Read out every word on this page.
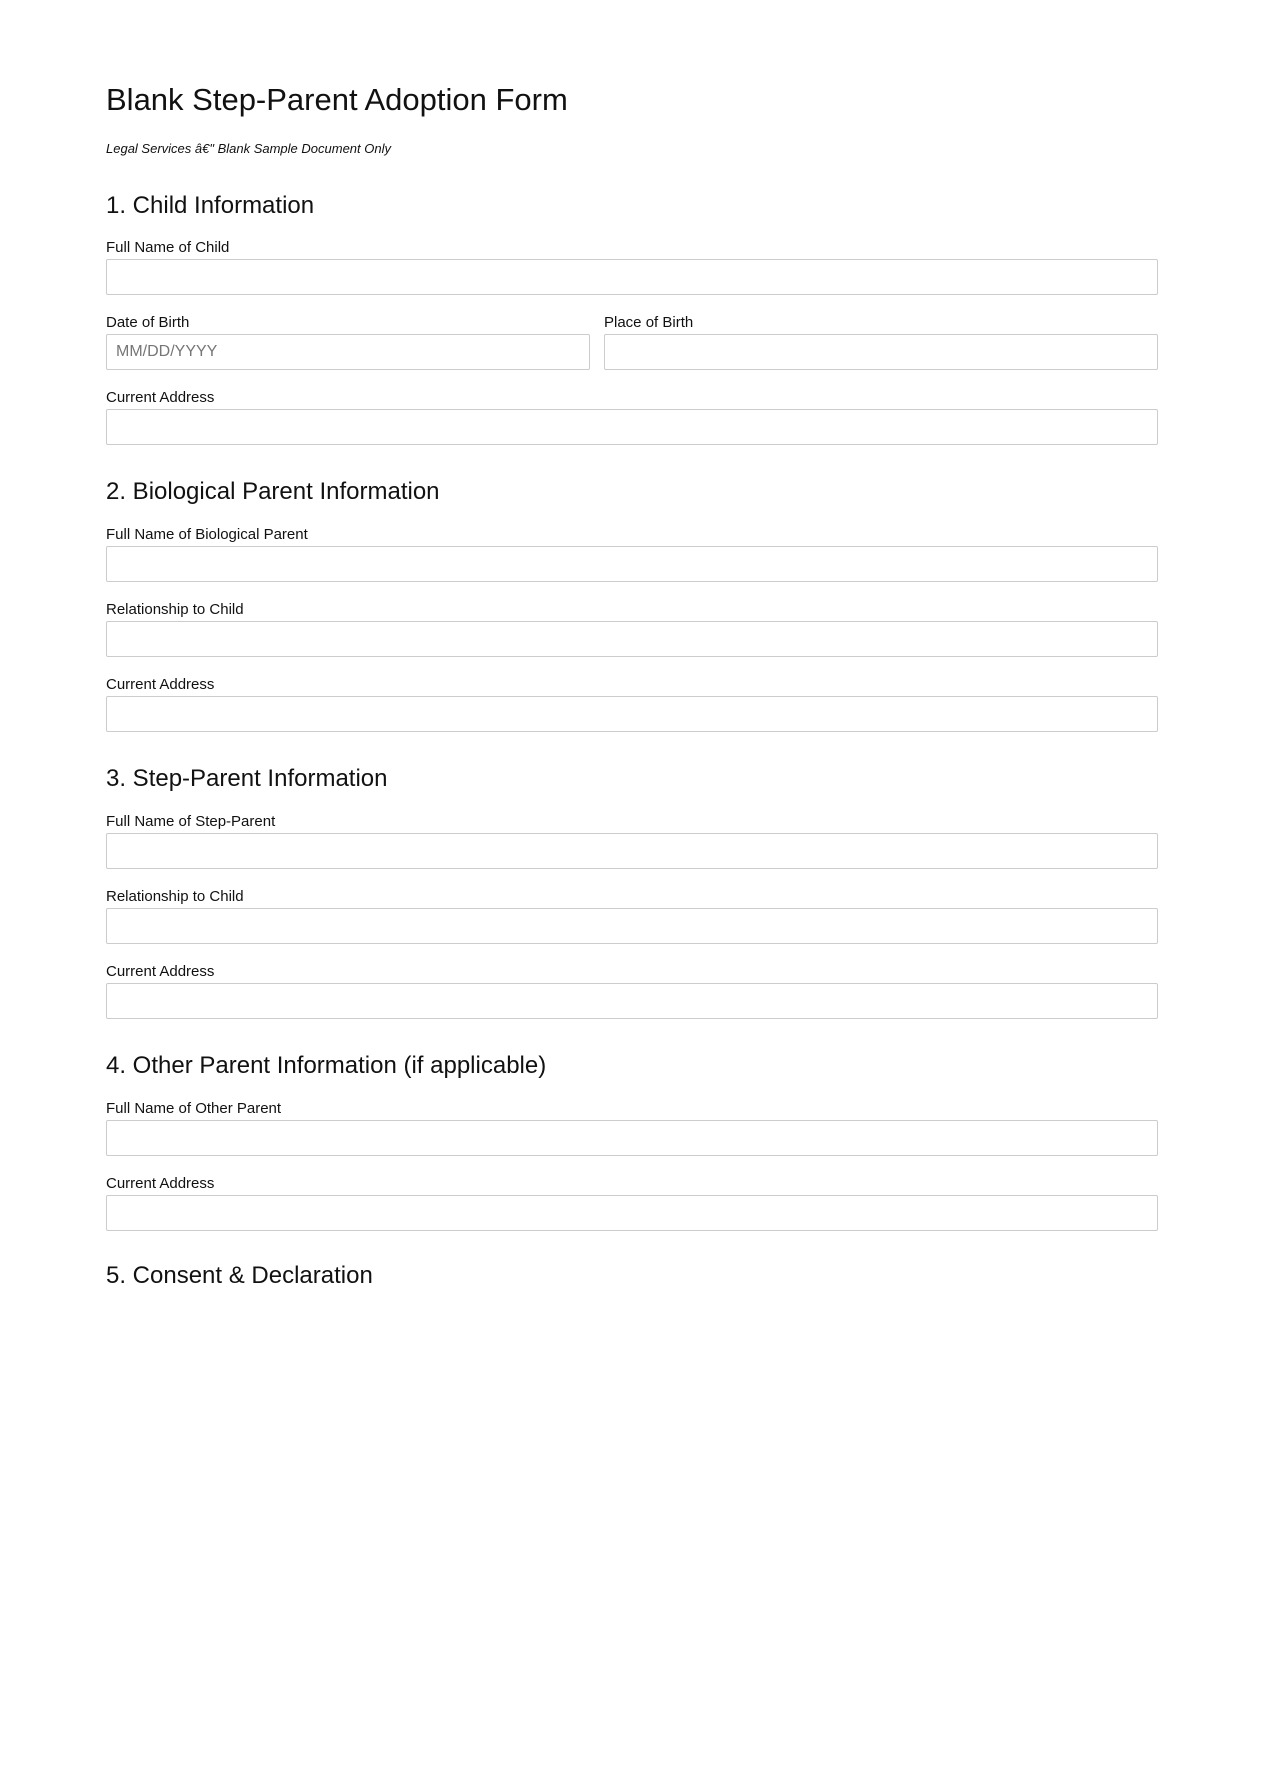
Blank Step-Parent Adoption Form

Legal Services â€" Blank Sample Document Only

1. Child Information
Full Name of Child
Date of Birth
MM/DD/YYYY	Place of Birth
Current Address
2. Biological Parent Information
Full Name of Biological Parent
Relationship to Child
Current Address
3. Step-Parent Information
Full Name of Step-Parent
Relationship to Child
Current Address
4. Other Parent Information (if applicable)
Full Name of Other Parent
Current Address
5. Consent & Declaration
